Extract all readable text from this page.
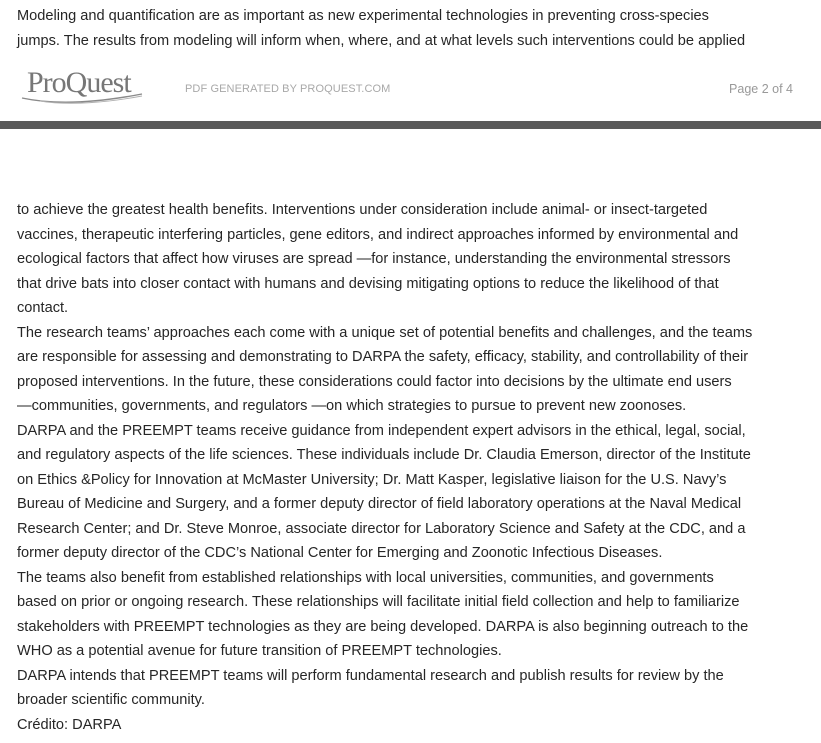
Modeling and quantification are as important as new experimental technologies in preventing cross-species

jumps. The results from modeling will inform when, where, and at what levels such interventions could be applied

ProQuest	PDF GENERATED BY PROQUEST.COM	Page 2 of 4

to achieve the greatest health benefits. Interventions under consideration include animal- or insect-targeted

vaccines, therapeutic interfering particles, gene editors, and indirect approaches informed by environmental and

ecological factors that affect how viruses are spread —for instance, understanding the environmental stressors

that drive bats into closer contact with humans and devising mitigating options to reduce the likelihood of that

contact.

The research teams’ approaches each come with a unique set of potential benefits and challenges, and the teams

are responsible for assessing and demonstrating to DARPA the safety, efficacy, stability, and controllability of their

proposed interventions. In the future, these considerations could factor into decisions by the ultimate end users

—communities, governments, and regulators —on which strategies to pursue to prevent new zoonoses.

DARPA and the PREEMPT teams receive guidance from independent expert advisors in the ethical, legal, social,

and regulatory aspects of the life sciences. These individuals include Dr. Claudia Emerson, director of the Institute

on Ethics &Policy for Innovation at McMaster University; Dr. Matt Kasper, legislative liaison for the U.S. Navy’s

Bureau of Medicine and Surgery, and a former deputy director of field laboratory operations at the Naval Medical

Research Center; and Dr. Steve Monroe, associate director for Laboratory Science and Safety at the CDC, and a

former deputy director of the CDC’s National Center for Emerging and Zoonotic Infectious Diseases.

The teams also benefit from established relationships with local universities, communities, and governments

based on prior or ongoing research. These relationships will facilitate initial field collection and help to familiarize

stakeholders with PREEMPT technologies as they are being developed. DARPA is also beginning outreach to the

WHO as a potential avenue for future transition of PREEMPT technologies.

DARPA intends that PREEMPT teams will perform fundamental research and publish results for review by the

broader scientific community.

Crédito: DARPA
